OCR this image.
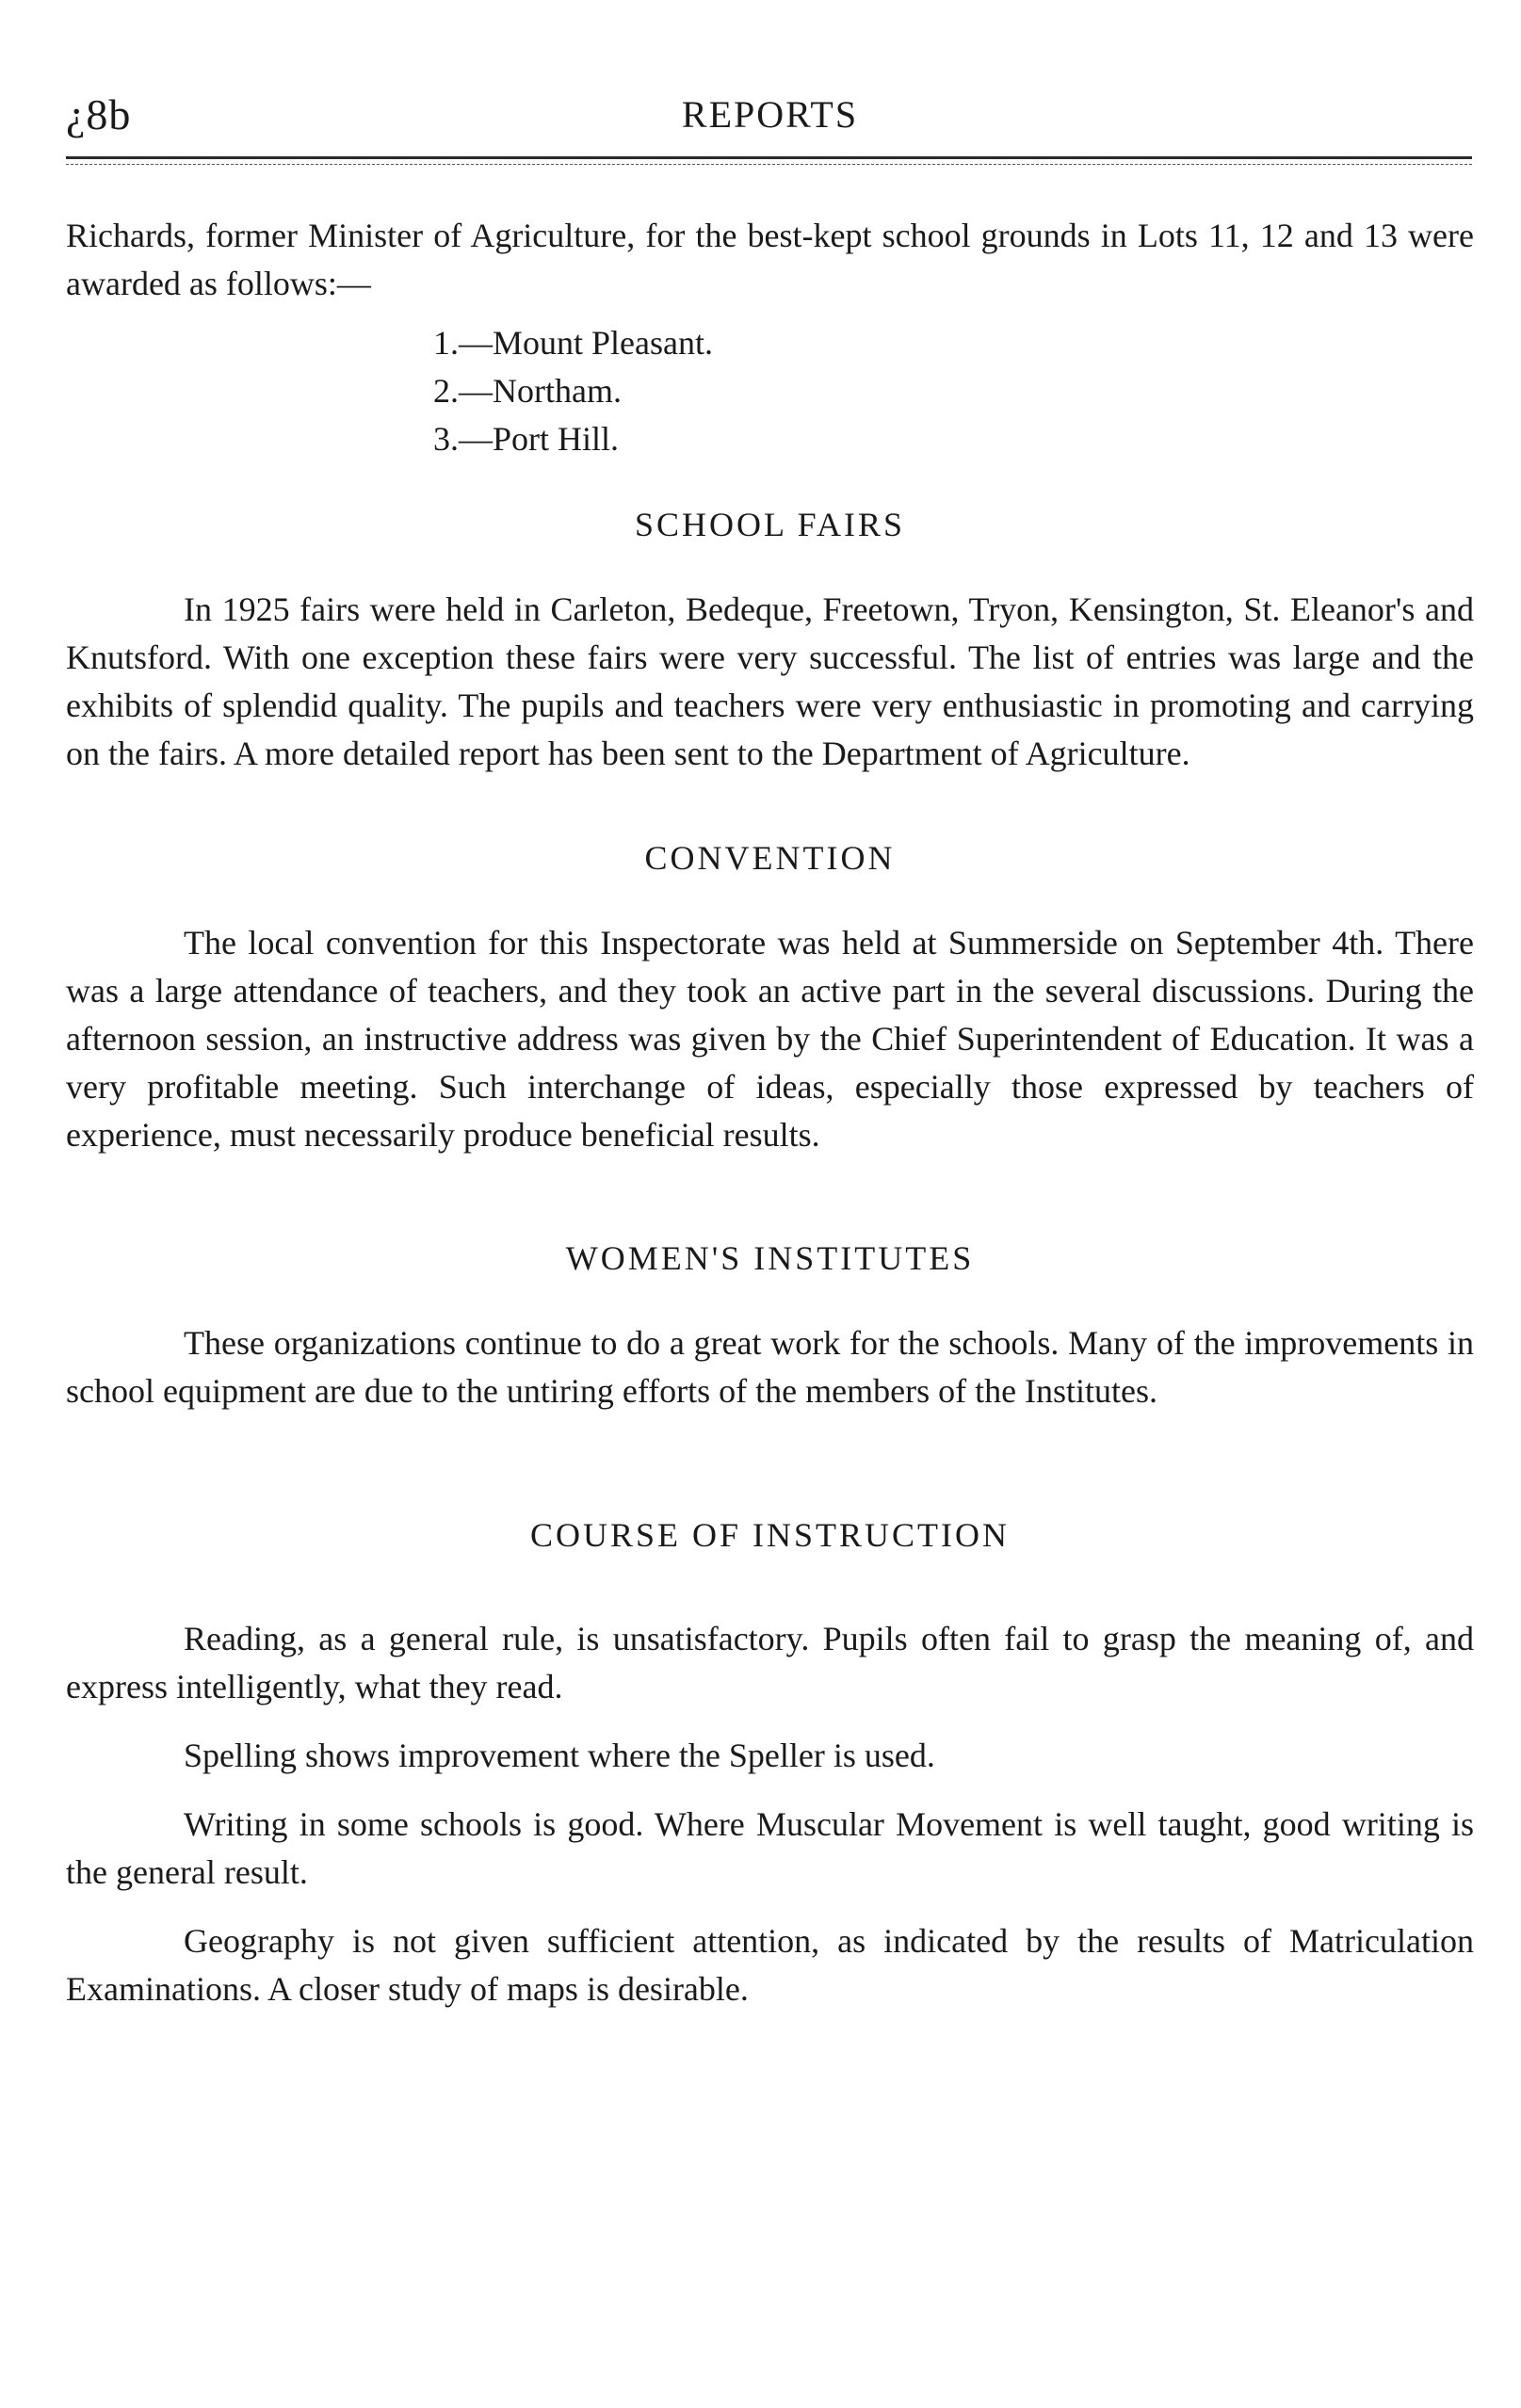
¿8b	REPORTS

Richards, former Minister of Agriculture, for the best-kept school grounds in Lots 11, 12 and 13 were awarded as follows:—

1.—Mount Pleasant.
2.—Northam.
3.—Port Hill.
SCHOOL FAIRS

In 1925 fairs were held in Carleton, Bedeque, Freetown, Tryon, Kensington, St. Eleanor's and Knutsford. With one exception these fairs were very successful. The list of entries was large and the exhibits of splendid quality. The pupils and teachers were very enthusiastic in promoting and carrying on the fairs. A more detailed report has been sent to the Department of Agriculture.

CONVENTION

The local convention for this Inspectorate was held at Summerside on September 4th. There was a large attendance of teachers, and they took an active part in the several discussions. During the afternoon session, an instructive address was given by the Chief Superintendent of Education. It was a very profitable meeting. Such interchange of ideas, especially those expressed by teachers of experience, must necessarily produce beneficial results.

WOMEN'S INSTITUTES

These organizations continue to do a great work for the schools. Many of the improvements in school equipment are due to the untiring efforts of the members of the Institutes.

COURSE OF INSTRUCTION

Reading, as a general rule, is unsatisfactory. Pupils often fail to grasp the meaning of, and express intelligently, what they read.

Spelling shows improvement where the Speller is used.

Writing in some schools is good. Where Muscular Movement is well taught, good writing is the general result.

Geography is not given sufficient attention, as indicated by the results of Matriculation Examinations. A closer study of maps is desirable.
